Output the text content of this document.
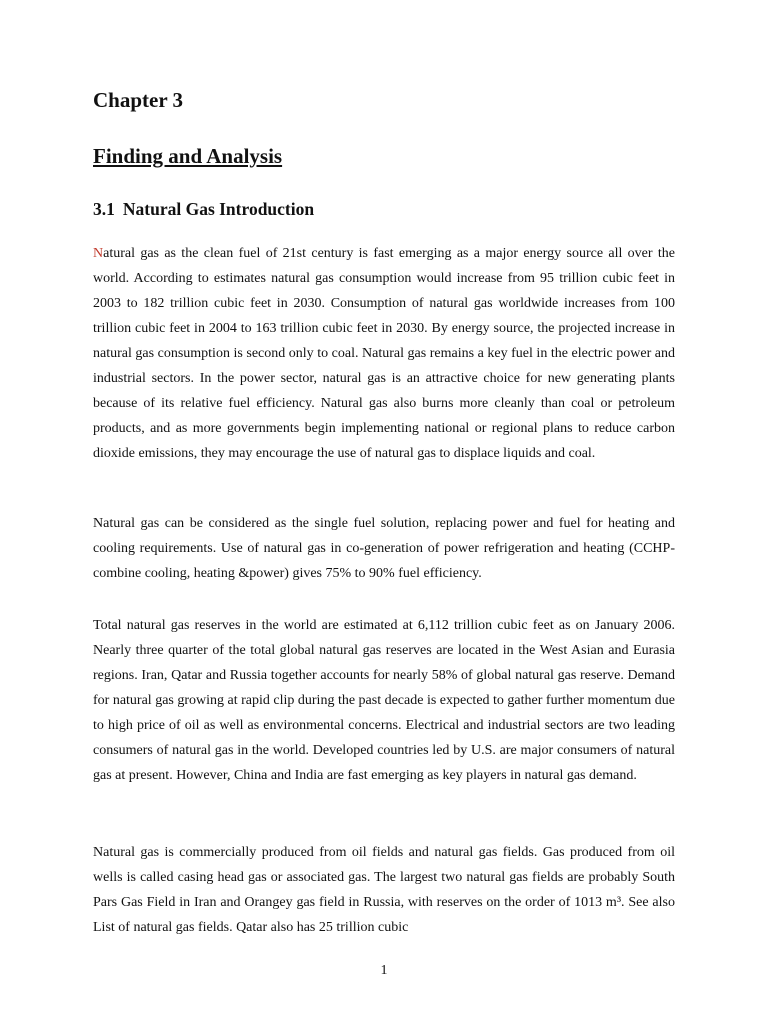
Chapter 3
Finding and Analysis
3.1 Natural Gas Introduction

Natural gas as the clean fuel of 21st century is fast emerging as a major energy source all over the world. According to estimates natural gas consumption would increase from 95 trillion cubic feet in 2003 to 182 trillion cubic feet in 2030. Consumption of natural gas worldwide increases from 100 trillion cubic feet in 2004 to 163 trillion cubic feet in 2030. By energy source, the projected increase in natural gas consumption is second only to coal. Natural gas remains a key fuel in the electric power and industrial sectors. In the power sector, natural gas is an attractive choice for new generating plants because of its relative fuel efficiency. Natural gas also burns more cleanly than coal or petroleum products, and as more governments begin implementing national or regional plans to reduce carbon dioxide emissions, they may encourage the use of natural gas to displace liquids and coal.

Natural gas can be considered as the single fuel solution, replacing power and fuel for heating and cooling requirements. Use of natural gas in co-generation of power refrigeration and heating (CCHP- combine cooling, heating &power) gives 75% to 90% fuel efficiency.

Total natural gas reserves in the world are estimated at 6,112 trillion cubic feet as on January 2006. Nearly three quarter of the total global natural gas reserves are located in the West Asian and Eurasia regions. Iran, Qatar and Russia together accounts for nearly 58% of global natural gas reserve. Demand for natural gas growing at rapid clip during the past decade is expected to gather further momentum due to high price of oil as well as environmental concerns. Electrical and industrial sectors are two leading consumers of natural gas in the world. Developed countries led by U.S. are major consumers of natural gas at present. However, China and India are fast emerging as key players in natural gas demand.

Natural gas is commercially produced from oil fields and natural gas fields. Gas produced from oil wells is called casing head gas or associated gas. The largest two natural gas fields are probably South Pars Gas Field in Iran and Orangey gas field in Russia, with reserves on the order of 1013 m³. See also List of natural gas fields. Qatar also has 25 trillion cubic

1
